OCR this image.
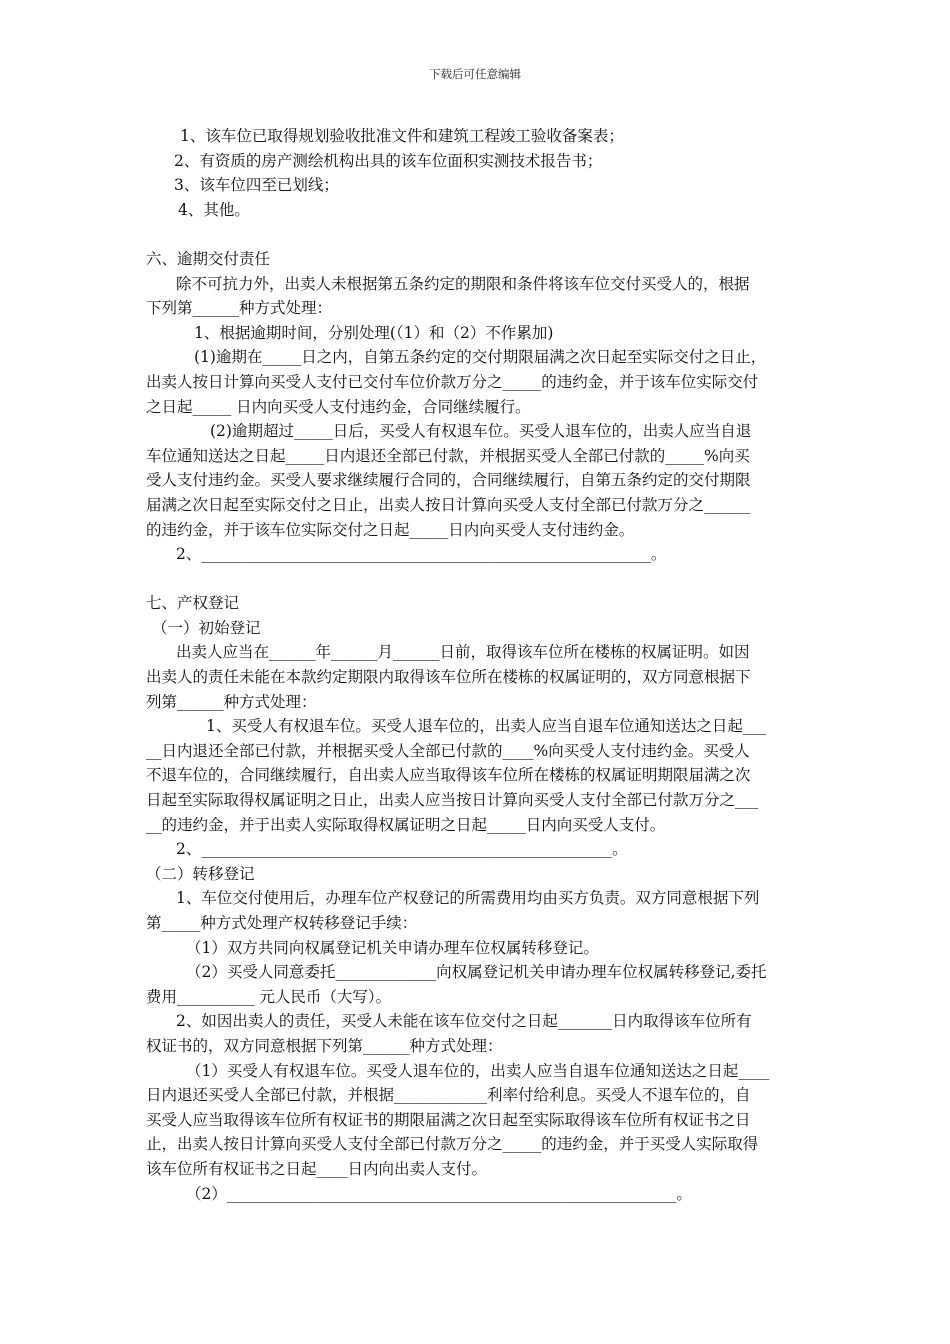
下载后可任意编辑
1、该车位已取得规划验收批准文件和建筑工程竣工验收备案表；
2、有资质的房产测绘机构出具的该车位面积实测技术报告书；
3、该车位四至已划线；
4、其他。
六、逾期交付责任
除不可抗力外，出卖人未根据第五条约定的期限和条件将该车位交付买受人的，根据
下列第______种方式处理：
1、根据逾期时间，分别处理(（1）和（2）不作累加)
(1)逾期在_____日之内，自第五条约定的交付期限届满之次日起至实际交付之日止，
出卖人按日计算向买受人支付已交付车位价款万分之_____的违约金，并于该车位实际交付
之日起_____ 日内向买受人支付违约金，合同继续履行。
(2)逾期超过_____日后，买受人有权退车位。买受人退车位的，出卖人应当自退
车位通知送达之日起_____日内退还全部已付款，并根据买受人全部已付款的_____%向买
受人支付违约金。买受人要求继续履行合同的，合同继续履行，自第五条约定的交付期限
届满之次日起至实际交付之日止，出卖人按日计算向买受人支付全部已付款万分之______
的违约金，并于该车位实际交付之日起_____日内向买受人支付违约金。
2、__________________________________________________________。
七、产权登记
（一）初始登记
出卖人应当在______年______月______日前，取得该车位所在楼栋的权属证明。如因
出卖人的责任未能在本款约定期限内取得该车位所在楼栋的权属证明的，双方同意根据下
列第______种方式处理：
1、买受人有权退车位。买受人退车位的，出卖人应当自退车位通知送达之日起___
__日内退还全部已付款，并根据买受人全部已付款的____%向买受人支付违约金。买受人
不退车位的，合同继续履行，自出卖人应当取得该车位所在楼栋的权属证明期限届满之次
日起至实际取得权属证明之日止，出卖人应当按日计算向买受人支付全部已付款万分之___
__的违约金，并于出卖人实际取得权属证明之日起_____日内向买受人支付。
2、_____________________________________________________。
（二）转移登记
1、车位交付使用后，办理车位产权登记的所需费用均由买方负责。双方同意根据下列
第_____种方式处理产权转移登记手续：
（1）双方共同向权属登记机关申请办理车位权属转移登记。
（2）买受人同意委托_____________向权属登记机关申请办理车位权属转移登记,委托
费用__________ 元人民币（大写）。
2、如因出卖人的责任，买受人未能在该车位交付之日起_______日内取得该车位所有
权证书的，双方同意根据下列第______种方式处理：
（1）买受人有权退车位。买受人退车位的，出卖人应当自退车位通知送达之日起____
日内退还买受人全部已付款，并根据____________利率付给利息。买受人不退车位的，自
买受人应当取得该车位所有权证书的期限届满之次日起至实际取得该车位所有权证书之日
止，出卖人按日计算向买受人支付全部已付款万分之_____的违约金，并于买受人实际取得
该车位所有权证书之日起____日内向出卖人支付。
（2）__________________________________________________________。
